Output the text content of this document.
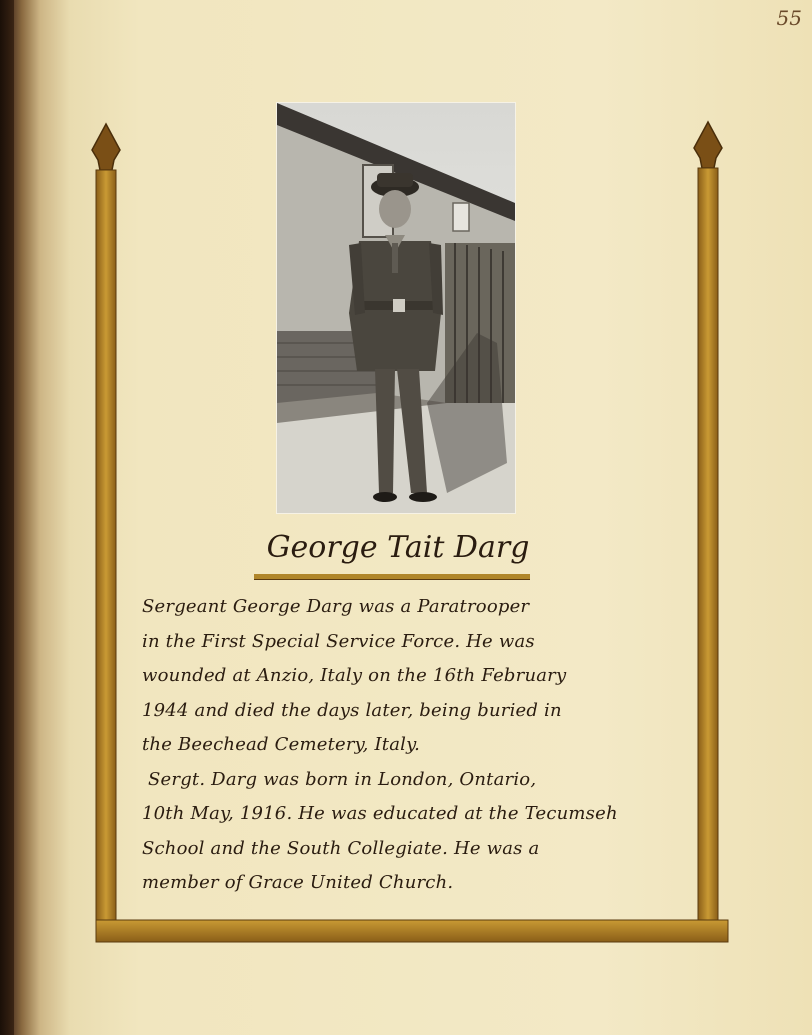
55
George Tait Darg
Sergeant George Darg was a Paratrooper
in the First Special Service Force. He was
wounded at Anzio, Italy on the 16th February
1944 and died the days later, being buried in
the Beechead Cemetery, Italy.
Sergt. Darg was born in London, Ontario,
10th May, 1916. He was educated at the Tecumseh
School and the South Collegiate. He was a
member of Grace United Church.
